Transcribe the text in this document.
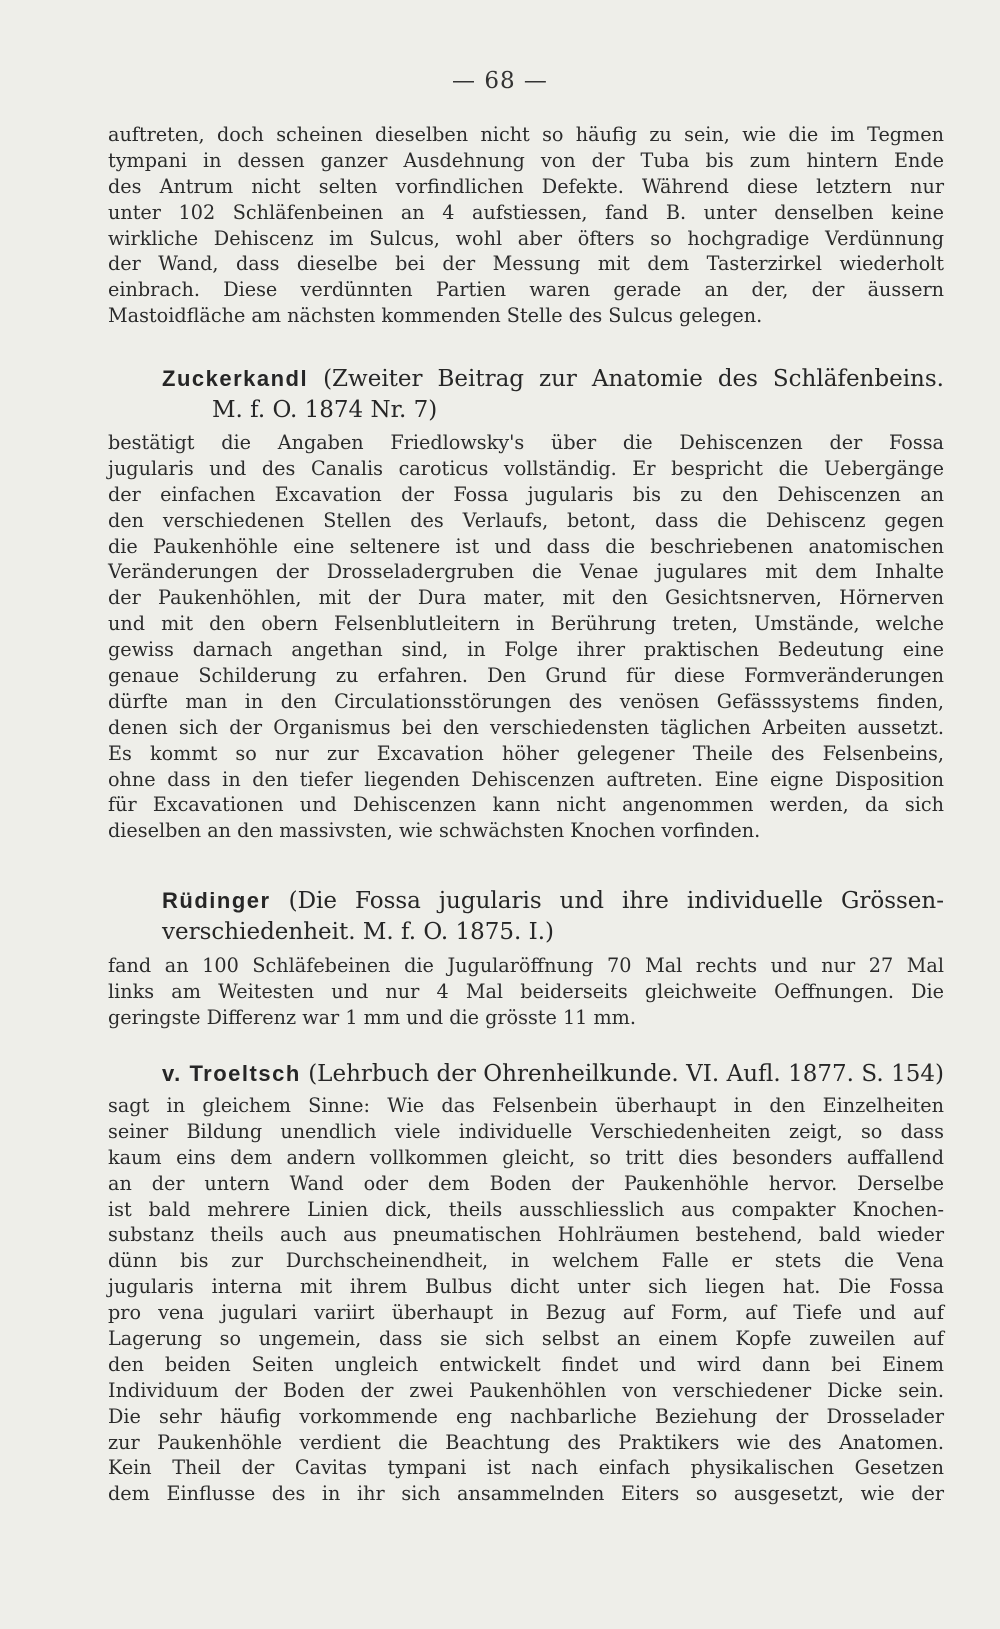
— 68 —
auftreten, doch scheinen dieselben nicht so häufig zu sein, wie die im Tegmen
tympani in dessen ganzer Ausdehnung von der Tuba bis zum hintern Ende
des Antrum nicht selten vorfindlichen Defekte. Während diese letztern nur
unter 102 Schläfenbeinen an 4 aufstiessen, fand B. unter denselben keine
wirkliche Dehiscenz im Sulcus, wohl aber öfters so hochgradige Verdünnung
der Wand, dass dieselbe bei der Messung mit dem Tasterzirkel wiederholt
einbrach. Diese verdünnten Partien waren gerade an der, der äussern
Mastoidfläche am nächsten kommenden Stelle des Sulcus gelegen.
Zuckerkandl (Zweiter Beitrag zur Anatomie des Schläfenbeins.
M. f. O. 1874 Nr. 7)
bestätigt die Angaben Friedlowsky's über die Dehiscenzen der Fossa
jugularis und des Canalis caroticus vollständig. Er bespricht die Uebergänge
der einfachen Excavation der Fossa jugularis bis zu den Dehiscenzen an
den verschiedenen Stellen des Verlaufs, betont, dass die Dehiscenz gegen
die Paukenhöhle eine seltenere ist und dass die beschriebenen anatomischen
Veränderungen der Drosseladergruben die Venae jugulares mit dem Inhalte
der Paukenhöhlen, mit der Dura mater, mit den Gesichtsnerven, Hörnerven
und mit den obern Felsenblutleitern in Berührung treten, Umstände, welche
gewiss darnach angethan sind, in Folge ihrer praktischen Bedeutung eine
genaue Schilderung zu erfahren. Den Grund für diese Formveränderungen
dürfte man in den Circulationsstörungen des venösen Gefässsystems finden,
denen sich der Organismus bei den verschiedensten täglichen Arbeiten aussetzt.
Es kommt so nur zur Excavation höher gelegener Theile des Felsenbeins,
ohne dass in den tiefer liegenden Dehiscenzen auftreten. Eine eigne Disposition
für Excavationen und Dehiscenzen kann nicht angenommen werden, da sich
dieselben an den massivsten, wie schwächsten Knochen vorfinden.
Rüdinger (Die Fossa jugularis und ihre individuelle Grössen-
verschiedenheit. M. f. O. 1875. I.)
fand an 100 Schläfebeinen die Jugularöffnung 70 Mal rechts und nur 27 Mal
links am Weitesten und nur 4 Mal beiderseits gleichweite Oeffnungen. Die
geringste Differenz war 1 mm und die grösste 11 mm.
v. Troeltsch (Lehrbuch der Ohrenheilkunde. VI. Aufl. 1877. S. 154)
sagt in gleichem Sinne: Wie das Felsenbein überhaupt in den Einzelheiten
seiner Bildung unendlich viele individuelle Verschiedenheiten zeigt, so dass
kaum eins dem andern vollkommen gleicht, so tritt dies besonders auffallend
an der untern Wand oder dem Boden der Paukenhöhle hervor. Derselbe
ist bald mehrere Linien dick, theils ausschliesslich aus compakter Knochen-
substanz theils auch aus pneumatischen Hohlräumen bestehend, bald wieder
dünn bis zur Durchscheinendheit, in welchem Falle er stets die Vena
jugularis interna mit ihrem Bulbus dicht unter sich liegen hat. Die Fossa
pro vena jugulari variirt überhaupt in Bezug auf Form, auf Tiefe und auf
Lagerung so ungemein, dass sie sich selbst an einem Kopfe zuweilen auf
den beiden Seiten ungleich entwickelt findet und wird dann bei Einem
Individuum der Boden der zwei Paukenhöhlen von verschiedener Dicke sein.
Die sehr häufig vorkommende eng nachbarliche Beziehung der Drosselader
zur Paukenhöhle verdient die Beachtung des Praktikers wie des Anatomen.
Kein Theil der Cavitas tympani ist nach einfach physikalischen Gesetzen
dem Einflusse des in ihr sich ansammelnden Eiters so ausgesetzt, wie der
